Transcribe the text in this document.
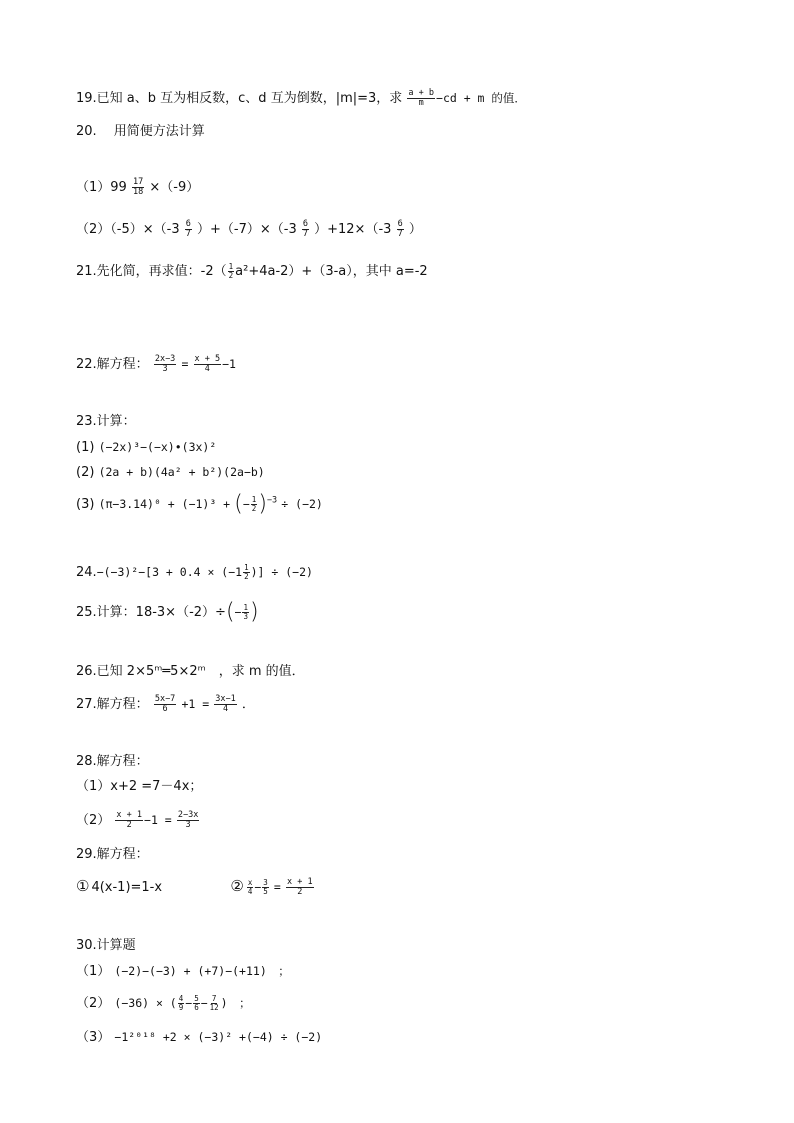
19.已知 a、b 互为相反数，c、d 互为倒数，|m|=3，求 $\frac{a + b}{m} -cd + m$ 的值．
20.　 用简便方法计算
$(1)99 \frac{17}{18} \times(-9)$
$(2)(-5)\times(-3 \frac{6}{7} )+(-7)\times(-3 \frac{6}{7} )+12\times(-3 \frac{6}{7}$ ）
21.先化简，再求值：$-2( \frac{1}{2} a^2+4a-2)+(3-a)$，其中 a=-2
22.解方程： $\frac{2x-3}{3} = \frac{x + 5}{4} -1$
23.计算：
(1) (−2x)³−(−x)•(3x)²
(2) (2a + b)(4a² + b²)(2a−b)
(3) (π−3.14)⁰ + (−1)³ + (− $\frac{1}{2} )^{-3} \div (-2)$
$24.-(-3)^2-[3 + 0.4 \times (-1 \frac{1}{2}$ )] ÷ (−2)
25.计算：$18-3\times(-2)\div(- \frac{1}{3}$ )
26.已知 2×5ᵐ═5×2ᵐ　，求 m 的值．
27.解方程： $\frac{5x-7}{6} +1 = \frac{3x-1}{4}$ ．
28.解方程：
（1）x+2 =7－4x；
$(2) \frac{x + 1}{2} -1 = \frac{2-3x}{3}$
29.解方程：
① 4(x-1)=1-x	② $\frac{x}{4} - \frac{3}{5} = \frac{x + 1}{2}$
30.计算题
（1） (−2)−(−3) + (+7)−(+11)　；
（2） (−36) × ( $\frac{4}{9} - \frac{5}{6} - \frac{7}{12}$ )　；
（3） −1²⁰¹⁸ +2 × (−3)² +(−4) ÷ (−2)
